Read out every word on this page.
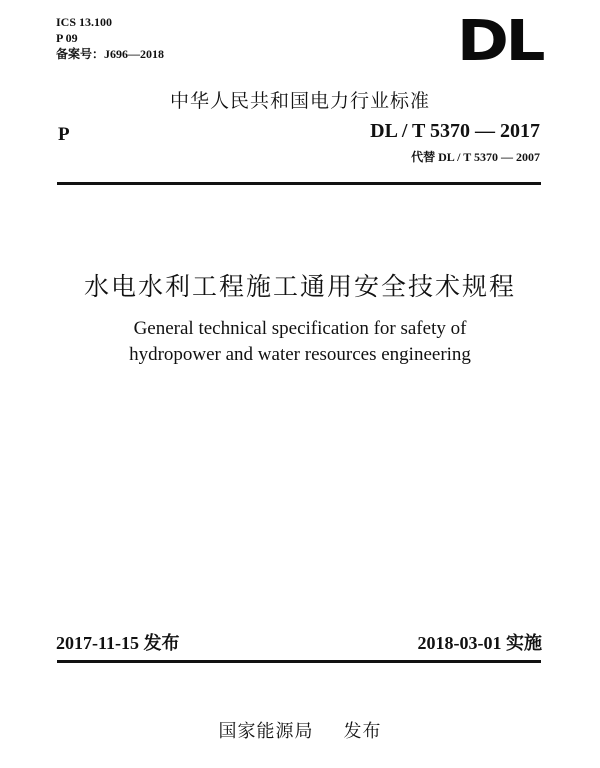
ICS 13.100
P 09
备案号：J696—2018	DL
中华人民共和国电力行业标准
P	DL / T 5370 — 2017
代替 DL / T 5370 — 2007
水电水利工程施工通用安全技术规程
General technical specification for safety of
hydropower and water resources engineering
2017-11-15 发布	2018-03-01 实施
国家能源局 发布
